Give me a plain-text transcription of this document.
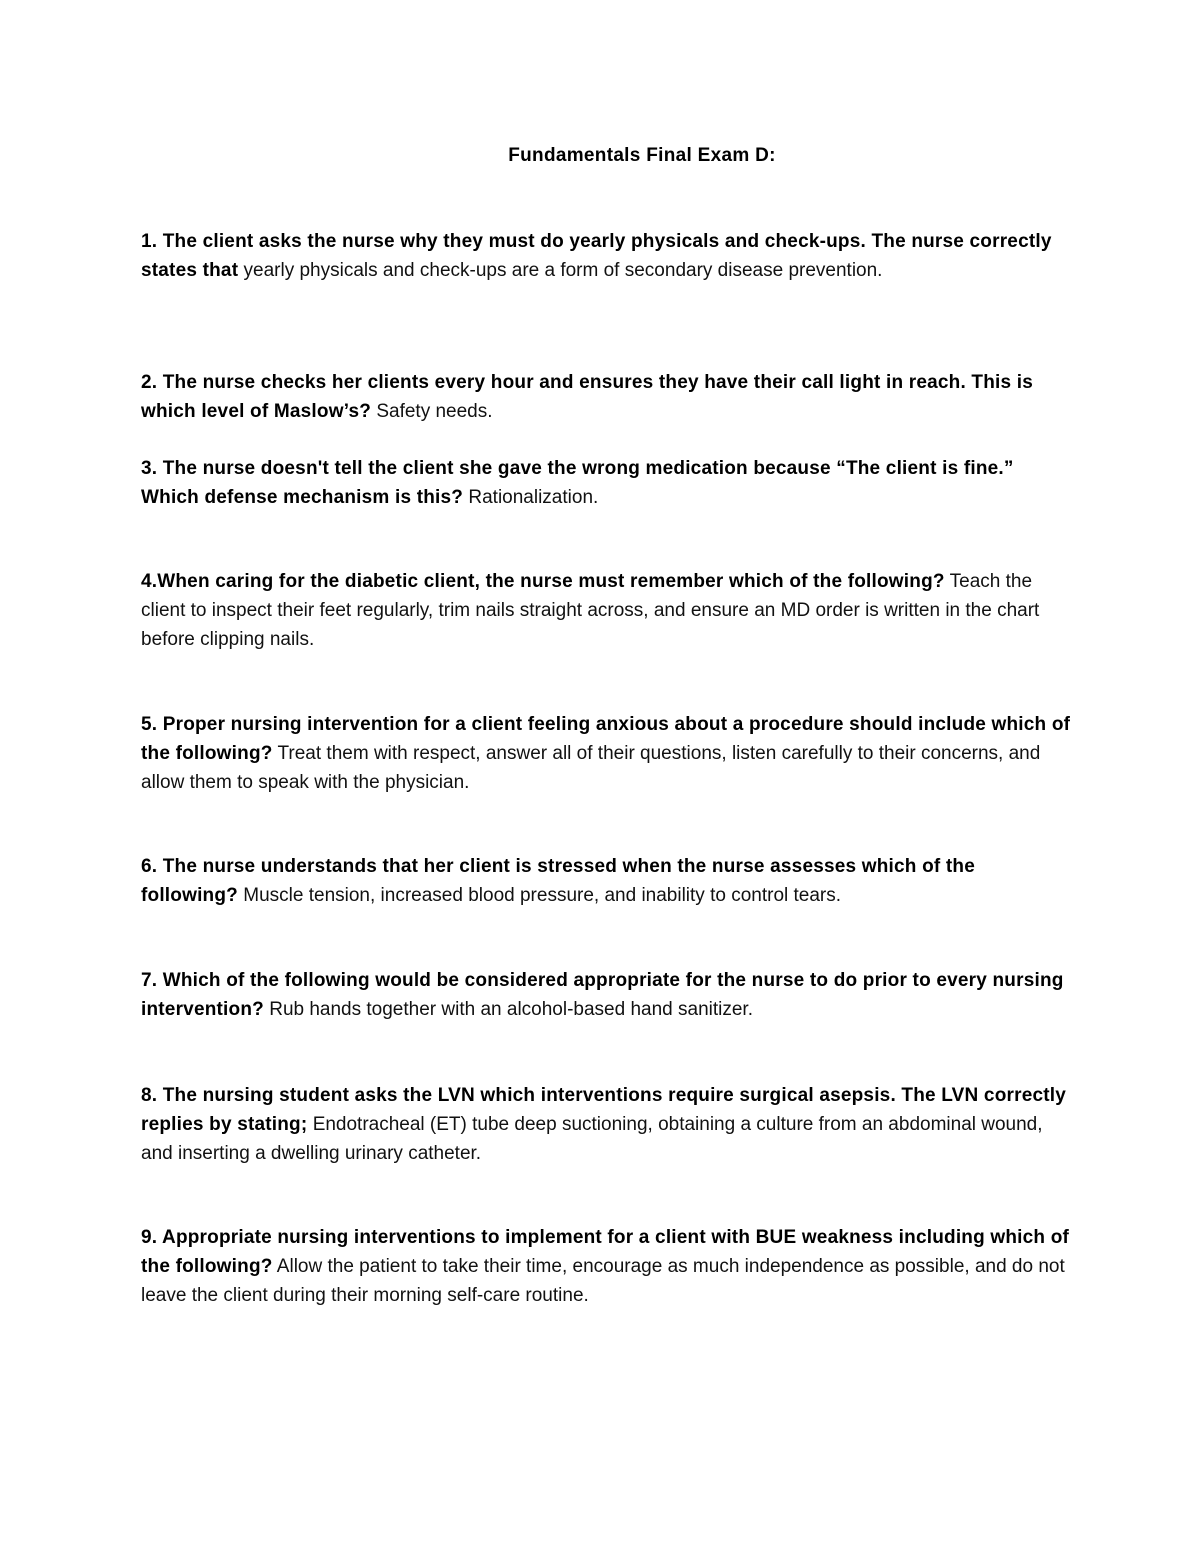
Fundamentals Final Exam D:

1. The client asks the nurse why they must do yearly physicals and check-ups. The nurse correctly states that yearly physicals and check-ups are a form of secondary disease prevention.

2. The nurse checks her clients every hour and ensures they have their call light in reach. This is which level of Maslow’s? Safety needs.

3. The nurse doesn't tell the client she gave the wrong medication because “The client is fine.” Which defense mechanism is this? Rationalization.

4.When caring for the diabetic client, the nurse must remember which of the following? Teach the client to inspect their feet regularly, trim nails straight across, and ensure an MD order is written in the chart before clipping nails.

5. Proper nursing intervention for a client feeling anxious about a procedure should include which of the following? Treat them with respect, answer all of their questions, listen carefully to their concerns, and allow them to speak with the physician.

6. The nurse understands that her client is stressed when the nurse assesses which of the following? Muscle tension, increased blood pressure, and inability to control tears.

7. Which of the following would be considered appropriate for the nurse to do prior to every nursing intervention? Rub hands together with an alcohol-based hand sanitizer.

8. The nursing student asks the LVN which interventions require surgical asepsis. The LVN correctly replies by stating; Endotracheal (ET) tube deep suctioning, obtaining a culture from an abdominal wound, and inserting a dwelling urinary catheter.

9. Appropriate nursing interventions to implement for a client with BUE weakness including which of the following? Allow the patient to take their time, encourage as much independence as possible, and do not leave the client during their morning self-care routine.
